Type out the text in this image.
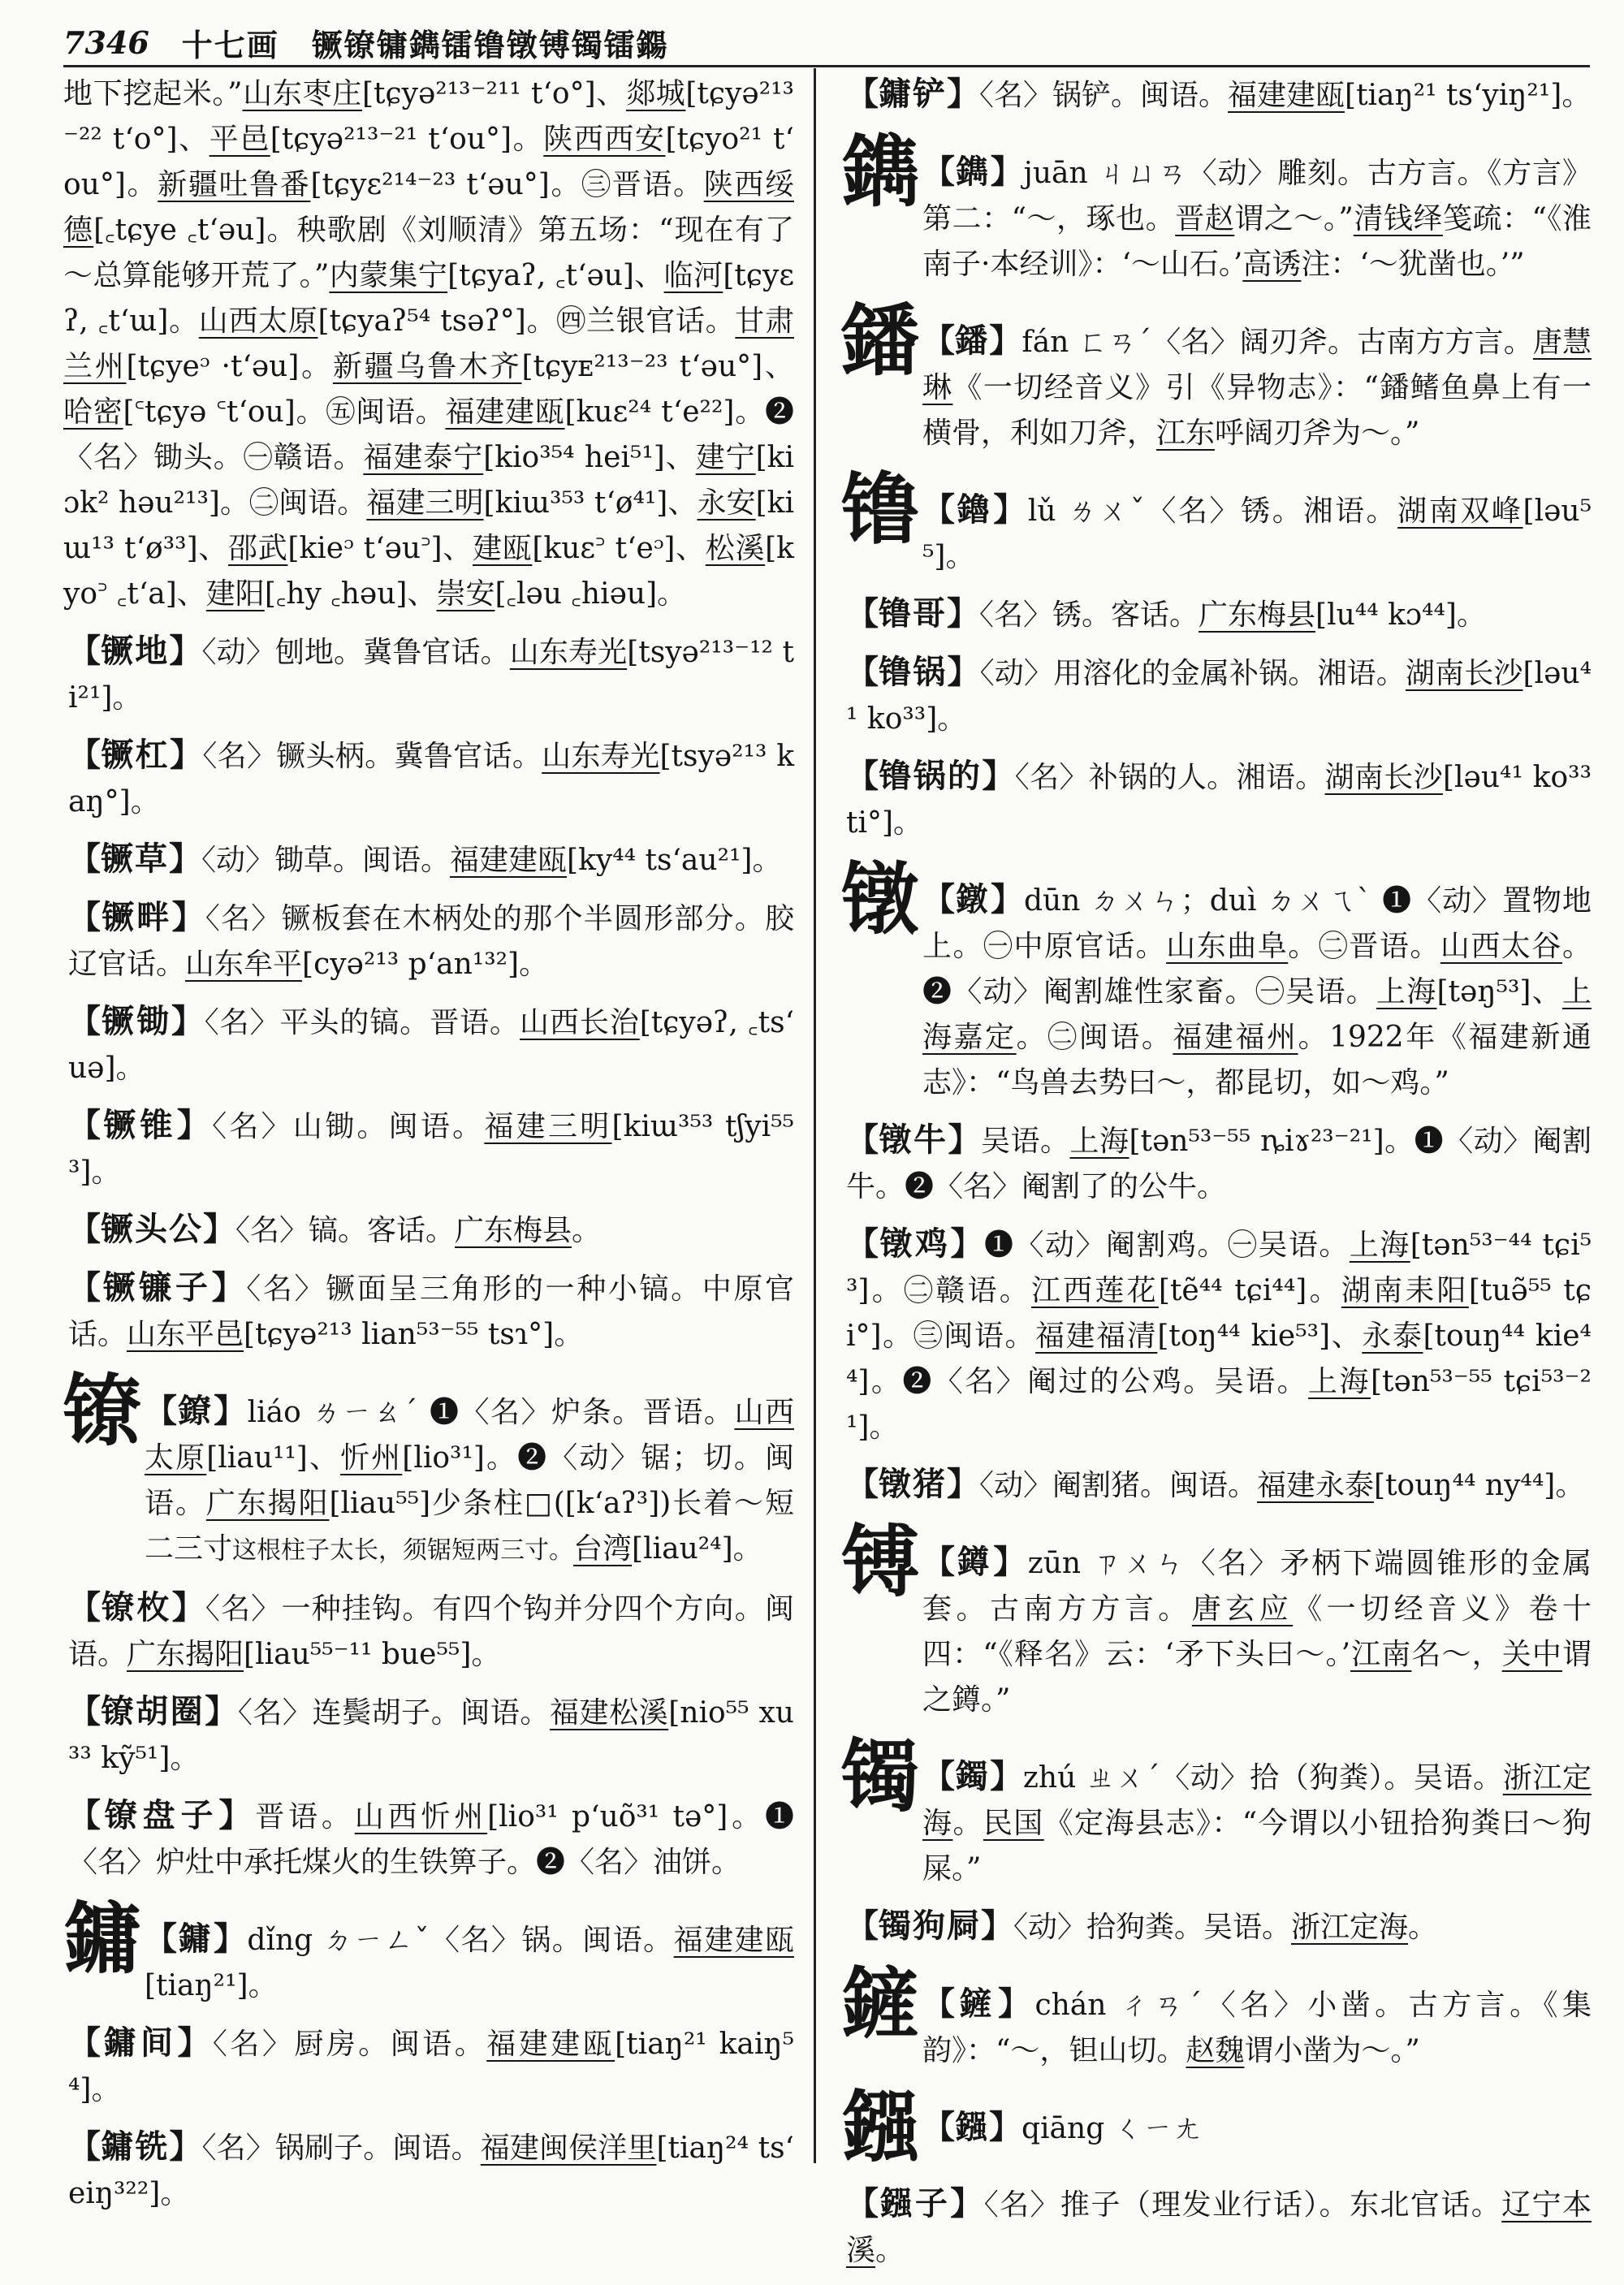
7346 十七画　镢镣镛鐫镭镥镦镈镯镭鐊
地下挖起米。”山东枣庄[tɕyə²¹³⁻²¹¹ tʻo°]、郯城[tɕyə²¹³⁻²² tʻo°]、平邑[tɕyə²¹³⁻²¹ tʻou°]。陕西西安[tɕyo²¹ tʻou°]。新疆吐鲁番[tɕyɛ²¹⁴⁻²³ tʻəu°]。㊂晋语。陕西绥德[꜀tɕye ꜀tʻəu]。秧歌剧《刘顺清》第五场：“现在有了～总算能够开荒了。”内蒙集宁[tɕyaʔ, ꜀tʻəu]、临河[tɕyɛʔ, ꜀tʻɯ]。山西太原[tɕyaʔ⁵⁴ tsəʔ°]。㊃兰银官话。甘肃兰州[tɕyeᵓ ·tʻəu]。新疆乌鲁木齐[tɕyᴇ²¹³⁻²³ tʻəu°]、哈密[꜂tɕyə ꜂tʻou]。㊄闽语。福建建瓯[kuɛ²⁴ tʻe²²]。❷〈名〉锄头。㊀赣语。福建泰宁[kio³⁵⁴ hei⁵¹]、建宁[kiɔk² həu²¹³]。㊁闽语。福建三明[kiɯ³⁵³ tʻø⁴¹]、永安[kiɯ¹³ tʻø³³]、邵武[kieᵓ tʻəu꜄]、建瓯[kuɛ꜄ tʻeᵓ]、松溪[kyo꜄ ꜀tʻa]、建阳[꜀hy ꜀həu]、崇安[꜀ləu ꜀hiəu]。
【镢地】〈动〉刨地。冀鲁官话。山东寿光[tsyə²¹³⁻¹² ti²¹]。
【镢杠】〈名〉镢头柄。冀鲁官话。山东寿光[tsyə²¹³ kaŋ°]。
【镢草】〈动〉锄草。闽语。福建建瓯[ky⁴⁴ tsʻau²¹]。
【镢畔】〈名〉镢板套在木柄处的那个半圆形部分。胶辽官话。山东牟平[cyə²¹³ pʻan¹³²]。
【镢锄】〈名〉平头的镐。晋语。山西长治[tɕyəʔ, ꜀tsʻuə]。
【镢锥】〈名〉山锄。闽语。福建三明[kiɯ³⁵³ tʃyi⁵⁵³]。
【镢头公】〈名〉镐。客话。广东梅县。
【镢镰子】〈名〉镢面呈三角形的一种小镐。中原官话。山东平邑[tɕyə²¹³ lian⁵³⁻⁵⁵ tsɿ°]。
镣 【鐐】liáo ㄌㄧㄠˊ ❶〈名〉炉条。晋语。山西太原[liau¹¹]、忻州[lio³¹]。❷〈动〉锯；切。闽语。广东揭阳[liau⁵⁵]少条柱□([kʻaʔ³])长着～短二三寸这根柱子太长，须锯短两三寸。台湾[liau²⁴]。
【镣枚】〈名〉一种挂钩。有四个钩并分四个方向。闽语。广东揭阳[liau⁵⁵⁻¹¹ bue⁵⁵]。
【镣胡圈】〈名〉连鬓胡子。闽语。福建松溪[nio⁵⁵ xu³³ kỹ⁵¹]。
【镣盘子】晋语。山西忻州[lio³¹ pʻuõ³¹ tə°]。❶〈名〉炉灶中承托煤火的生铁箅子。❷〈名〉油饼。
鏞 【鏞】dǐng ㄉㄧㄥˇ〈名〉锅。闽语。福建建瓯[tiaŋ²¹]。
【鏞间】〈名〉厨房。闽语。福建建瓯[tiaŋ²¹ kaiŋ⁵⁴]。
【鏞铣】〈名〉锅刷子。闽语。福建闽侯洋里[tiaŋ²⁴ tsʻeiŋ³²²]。
【鏞铲】〈名〉锅铲。闽语。福建建瓯[tiaŋ²¹ tsʻyiŋ²¹]。
鐫 【鐫】juān ㄐㄩㄢ〈动〉雕刻。古方言。《方言》第二：“～，琢也。晋赵谓之～。”清钱绎笺疏：“《淮南子·本经训》：‘～山石。’高诱注：‘～犹凿也。’”
鐇 【鐇】fán ㄈㄢˊ〈名〉阔刃斧。古南方方言。唐慧琳《一切经音义》引《异物志》：“鐇鳍鱼鼻上有一横骨，利如刀斧，江东呼阔刃斧为～。”
镥 【鑥】lǔ ㄌㄨˇ〈名〉锈。湘语。湖南双峰[ləu⁵⁵]。
【镥哥】〈名〉锈。客话。广东梅县[lu⁴⁴ kɔ⁴⁴]。
【镥锅】〈动〉用溶化的金属补锅。湘语。湖南长沙[ləu⁴¹ ko³³]。
【镥锅的】〈名〉补锅的人。湘语。湖南长沙[ləu⁴¹ ko³³ ti°]。
镦 【鐓】dūn ㄉㄨㄣ；duì ㄉㄨㄟˋ ❶〈动〉置物地上。㊀中原官话。山东曲阜。㊁晋语。山西太谷。❷〈动〉阉割雄性家畜。㊀吴语。上海[təŋ⁵³]、上海嘉定。㊁闽语。福建福州。1922年《福建新通志》：“鸟兽去势曰～，都昆切，如～鸡。”
【镦牛】吴语。上海[tən⁵³⁻⁵⁵ ȵiɤ²³⁻²¹]。❶〈动〉阉割牛。❷〈名〉阉割了的公牛。
【镦鸡】❶〈动〉阉割鸡。㊀吴语。上海[tən⁵³⁻⁴⁴ tɕi⁵³]。㊁赣语。江西莲花[tẽ⁴⁴ tɕi⁴⁴]。湖南耒阳[tuə̃⁵⁵ tɕi°]。㊂闽语。福建福清[toŋ⁴⁴ kie⁵³]、永泰[touŋ⁴⁴ kie⁴⁴]。❷〈名〉阉过的公鸡。吴语。上海[tən⁵³⁻⁵⁵ tɕi⁵³⁻²¹]。
【镦猪】〈动〉阉割猪。闽语。福建永泰[touŋ⁴⁴ ny⁴⁴]。
镈 【鐏】zūn ㄗㄨㄣ〈名〉矛柄下端圆锥形的金属套。古南方方言。唐玄应《一切经音义》卷十四：“《释名》云：‘矛下头曰～。’江南名～，关中谓之鐏。”
镯 【鐲】zhú ㄓㄨˊ〈动〉拾（狗粪）。吴语。浙江定海。民国《定海县志》：“今谓以小钮拾狗粪曰～狗屎。”
【镯狗屙】〈动〉拾狗粪。吴语。浙江定海。
鏟 【鏟】chán ㄔㄢˊ〈名〉小凿。古方言。《集韵》：“～，钽山切。赵魏谓小凿为～。”
鏹 【鏹】qiāng ㄑㄧㄤ
【鏹子】〈名〉推子（理发业行话）。东北官话。辽宁本溪。
